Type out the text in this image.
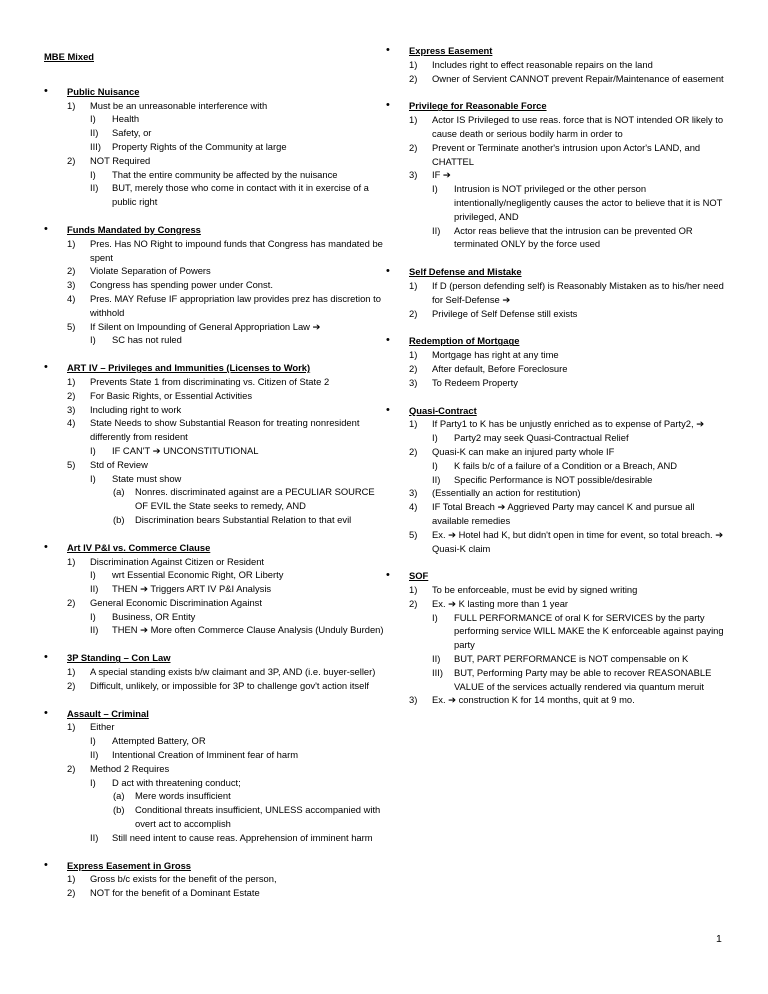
MBE Mixed
• Public Nuisance
1) Must be an unreasonable interference with
I) Health
II) Safety, or
III) Property Rights of the Community at large
2) NOT Required
I) That the entire community be affected by the nuisance
II) BUT, merely those who come in contact with it in exercise of a public right
• Funds Mandated by Congress
1) Pres. Has NO Right to impound funds that Congress has mandated be spent
2) Violate Separation of Powers
3) Congress has spending power under Const.
4) Pres. MAY Refuse IF appropriation law provides prez has discretion to withhold
5) If Silent on Impounding of General Appropriation Law ➔
I) SC has not ruled
• ART IV – Privileges and Immunities (Licenses to Work)
1) Prevents State 1 from discriminating vs. Citizen of State 2
2) For Basic Rights, or Essential Activities
3) Including right to work
4) State Needs to show Substantial Reason for treating nonresident differently from resident
I) IF CAN'T ➔ UNCONSTITUTIONAL
5) Std of Review
I) State must show
(a) Nonres. discriminated against are a PECULIAR SOURCE OF EVIL the State seeks to remedy, AND
(b) Discrimination bears Substantial Relation to that evil
• Art IV P&I vs. Commerce Clause
1) Discrimination Against Citizen or Resident
I) wrt Essential Economic Right, OR Liberty
II) THEN ➔ Triggers ART IV P&I Analysis
2) General Economic Discrimination Against
I) Business, OR Entity
II) THEN ➔ More often Commerce Clause Analysis (Unduly Burden)
• 3P Standing – Con Law
1) A special standing exists b/w claimant and 3P, AND (i.e. buyer-seller)
2) Difficult, unlikely, or impossible for 3P to challenge gov't action itself
• Assault – Criminal
1) Either
I) Attempted Battery, OR
II) Intentional Creation of Imminent fear of harm
2) Method 2 Requires
I) D act with threatening conduct;
(a) Mere words insufficient
(b) Conditional threats insufficient, UNLESS accompanied with overt act to accomplish
II) Still need intent to cause reas. Apprehension of imminent harm
• Express Easement in Gross
1) Gross b/c exists for the benefit of the person,
2) NOT for the benefit of a Dominant Estate
• Express Easement
1) Includes right to effect reasonable repairs on the land
2) Owner of Servient CANNOT prevent Repair/Maintenance of easement
• Privilege for Reasonable Force
1) Actor IS Privileged to use reas. force that is NOT intended OR likely to cause death or serious bodily harm in order to
2) Prevent or Terminate another's intrusion upon Actor's LAND, and CHATTEL
3) IF ➔
I) Intrusion is NOT privileged or the other person intentionally/negligently causes the actor to believe that it is NOT privileged, AND
II) Actor reas believe that the intrusion can be prevented OR terminated ONLY by the force used
• Self Defense and Mistake
1) If D (person defending self) is Reasonably Mistaken as to his/her need for Self-Defense ➔
2) Privilege of Self Defense still exists
• Redemption of Mortgage
1) Mortgage has right at any time
2) After default, Before Foreclosure
3) To Redeem Property
• Quasi-Contract
1) If Party1 to K has be unjustly enriched as to expense of Party2, ➔
I) Party2 may seek Quasi-Contractual Relief
2) Quasi-K can make an injured party whole IF
I) K fails b/c of a failure of a Condition or a Breach, AND
II) Specific Performance is NOT possible/desirable
3) (Essentially an action for restitution)
4) IF Total Breach ➔ Aggrieved Party may cancel K and pursue all available remedies
5) Ex. ➔ Hotel had K, but didn't open in time for event, so total breach. ➔ Quasi-K claim
• SOF
1) To be enforceable, must be evid by signed writing
2) Ex. ➔ K lasting more than 1 year
I) FULL PERFORMANCE of oral K for SERVICES by the party performing service WILL MAKE the K enforceable against paying party
II) BUT, PART PERFORMANCE is NOT compensable on K
III) BUT, Performing Party may be able to recover REASONABLE VALUE of the services actually rendered via quantum meruit
3) Ex. ➔ construction K for 14 months, quit at 9 mo.
1
